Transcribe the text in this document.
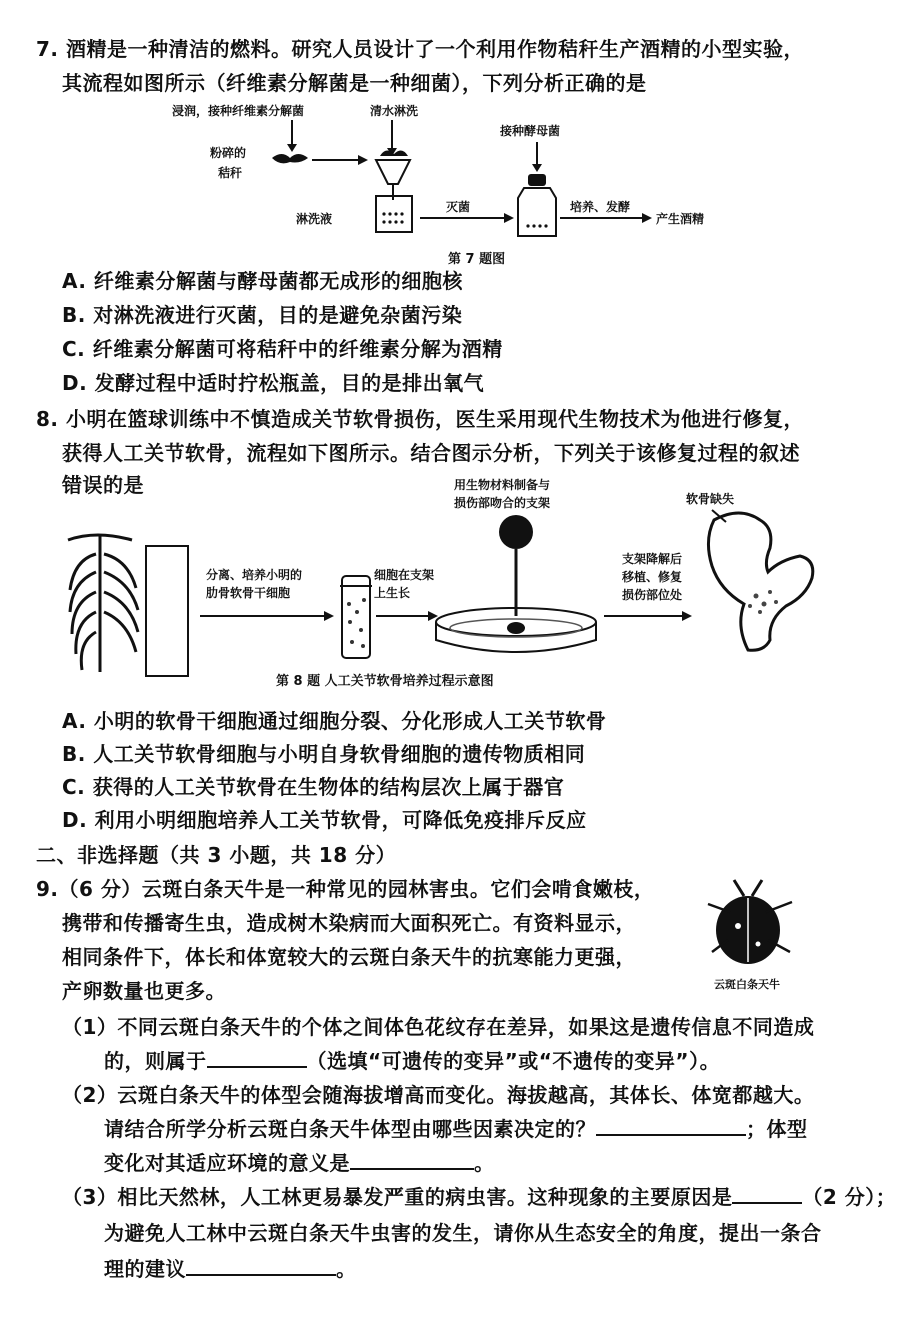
7. 酒精是一种清洁的燃料。研究人员设计了一个利用作物秸秆生产酒精的小型实验，
其流程如图所示（纤维素分解菌是一种细菌），下列分析正确的是
浸润，接种纤维素分解菌	清水淋洗
接种酵母菌
粉碎的
秸秆
淋洗液
灭菌	培养、发酵
产生酒精
第 7 题图
A. 纤维素分解菌与酵母菌都无成形的细胞核
B. 对淋洗液进行灭菌，目的是避免杂菌污染
C. 纤维素分解菌可将秸秆中的纤维素分解为酒精
D. 发酵过程中适时拧松瓶盖，目的是排出氧气
8. 小明在篮球训练中不慎造成关节软骨损伤，医生采用现代生物技术为他进行修复，
获得人工关节软骨，流程如下图所示。结合图示分析，下列关于该修复过程的叙述
错误的是	用生物材料制备与
损伤部吻合的支架	软骨缺失
分离、培养小明的
肋骨软骨干细胞
细胞在支架
上生长
支架降解后
移植、修复
损伤部位处
第 8 题 人工关节软骨培养过程示意图
A. 小明的软骨干细胞通过细胞分裂、分化形成人工关节软骨
B. 人工关节软骨细胞与小明自身软骨细胞的遗传物质相同
C. 获得的人工关节软骨在生物体的结构层次上属于器官
D. 利用小明细胞培养人工关节软骨，可降低免疫排斥反应
二、非选择题（共 3 小题，共 18 分）
9.（6 分）云斑白条天牛是一种常见的园林害虫。它们会啃食嫩枝，
携带和传播寄生虫，造成树木染病而大面积死亡。有资料显示，
相同条件下，体长和体宽较大的云斑白条天牛的抗寒能力更强，
产卵数量也更多。	云斑白条天牛
（1）不同云斑白条天牛的个体之间体色花纹存在差异，如果这是遗传信息不同造成
的，则属于	（选填“可遗传的变异”或“不遗传的变异”）。
（2）云斑白条天牛的体型会随海拔增高而变化。海拔越高，其体长、体宽都越大。
请结合所学分析云斑白条天牛体型由哪些因素决定的？	；体型
变化对其适应环境的意义是	。
（3）相比天然林，人工林更易暴发严重的病虫害。这种现象的主要原因是	（2 分）；
为避免人工林中云斑白条天牛虫害的发生，请你从生态安全的角度，提出一条合
理的建议	。
